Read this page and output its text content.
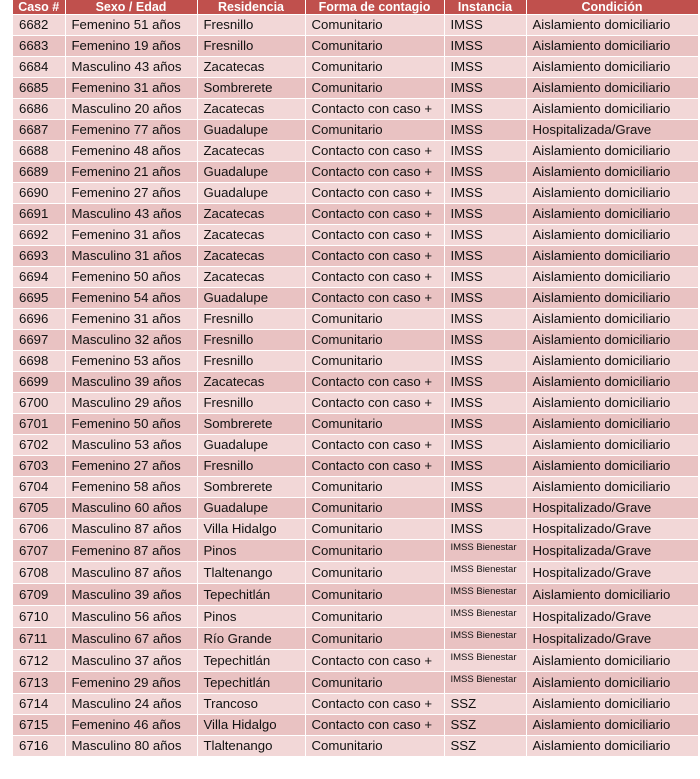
Caso #	Sexo / Edad	Residencia	Forma de contagio	Instancia	Condición
6682	Femenino 51 años	Fresnillo	Comunitario	IMSS	Aislamiento domiciliario
6683	Femenino 19 años	Fresnillo	Comunitario	IMSS	Aislamiento domiciliario
6684	Masculino 43 años	Zacatecas	Comunitario	IMSS	Aislamiento domiciliario
6685	Femenino 31 años	Sombrerete	Comunitario	IMSS	Aislamiento domiciliario
6686	Masculino 20 años	Zacatecas	Contacto con caso +	IMSS	Aislamiento domiciliario
6687	Femenino 77 años	Guadalupe	Comunitario	IMSS	Hospitalizada/Grave
6688	Femenino 48 años	Zacatecas	Contacto con caso +	IMSS	Aislamiento domiciliario
6689	Femenino 21 años	Guadalupe	Contacto con caso +	IMSS	Aislamiento domiciliario
6690	Femenino 27 años	Guadalupe	Contacto con caso +	IMSS	Aislamiento domiciliario
6691	Masculino 43 años	Zacatecas	Contacto con caso +	IMSS	Aislamiento domiciliario
6692	Femenino 31 años	Zacatecas	Contacto con caso +	IMSS	Aislamiento domiciliario
6693	Masculino 31 años	Zacatecas	Contacto con caso +	IMSS	Aislamiento domiciliario
6694	Femenino 50 años	Zacatecas	Contacto con caso +	IMSS	Aislamiento domiciliario
6695	Femenino 54 años	Guadalupe	Contacto con caso +	IMSS	Aislamiento domiciliario
6696	Femenino 31 años	Fresnillo	Comunitario	IMSS	Aislamiento domiciliario
6697	Masculino 32 años	Fresnillo	Comunitario	IMSS	Aislamiento domiciliario
6698	Femenino 53 años	Fresnillo	Comunitario	IMSS	Aislamiento domiciliario
6699	Masculino 39 años	Zacatecas	Contacto con caso +	IMSS	Aislamiento domiciliario
6700	Masculino 29 años	Fresnillo	Contacto con caso +	IMSS	Aislamiento domiciliario
6701	Femenino 50 años	Sombrerete	Comunitario	IMSS	Aislamiento domiciliario
6702	Masculino 53 años	Guadalupe	Contacto con caso +	IMSS	Aislamiento domiciliario
6703	Femenino 27 años	Fresnillo	Contacto con caso +	IMSS	Aislamiento domiciliario
6704	Femenino 58 años	Sombrerete	Comunitario	IMSS	Aislamiento domiciliario
6705	Masculino 60 años	Guadalupe	Comunitario	IMSS	Hospitalizado/Grave
6706	Masculino 87 años	Villa Hidalgo	Comunitario	IMSS	Hospitalizado/Grave
6707	Femenino 87 años	Pinos	Comunitario	IMSS Bienestar	Hospitalizada/Grave
6708	Masculino 87 años	Tlaltenango	Comunitario	IMSS Bienestar	Hospitalizado/Grave
6709	Masculino 39 años	Tepechitlán	Comunitario	IMSS Bienestar	Aislamiento domiciliario
6710	Masculino 56 años	Pinos	Comunitario	IMSS Bienestar	Hospitalizado/Grave
6711	Masculino 67 años	Río Grande	Comunitario	IMSS Bienestar	Hospitalizado/Grave
6712	Masculino 37 años	Tepechitlán	Contacto con caso +	IMSS Bienestar	Aislamiento domiciliario
6713	Femenino 29 años	Tepechitlán	Comunitario	IMSS Bienestar	Aislamiento domiciliario
6714	Masculino 24 años	Trancoso	Contacto con caso +	SSZ	Aislamiento domiciliario
6715	Femenino 46 años	Villa Hidalgo	Contacto con caso +	SSZ	Aislamiento domiciliario
6716	Masculino 80 años	Tlaltenango	Comunitario	SSZ	Aislamiento domiciliario
